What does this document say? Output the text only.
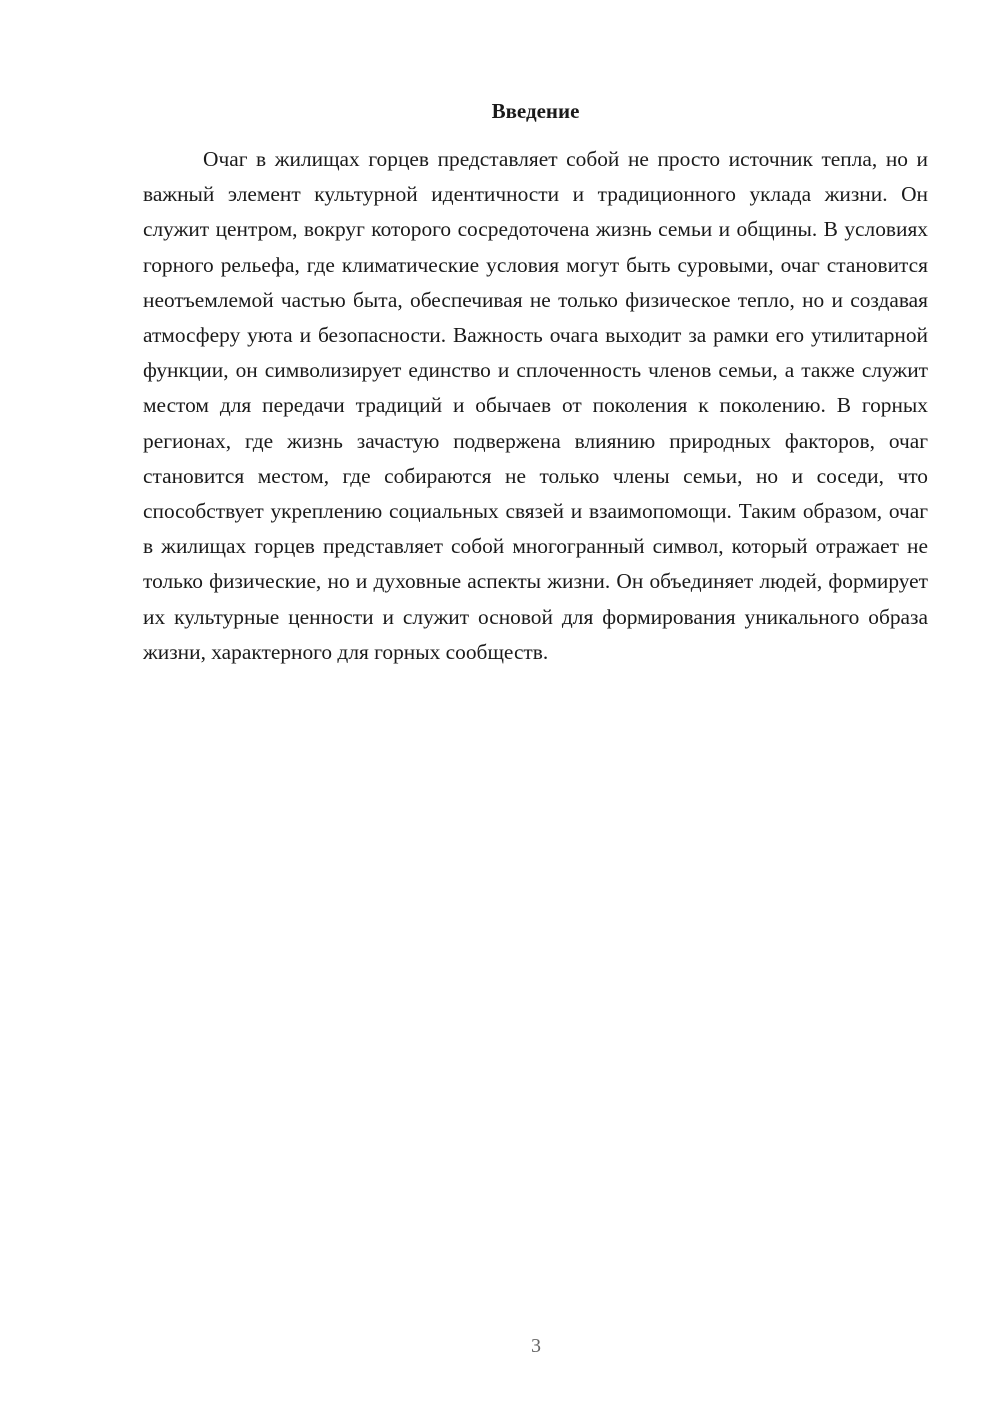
Введение

Очаг в жилищах горцев представляет собой не просто источник тепла, но и важный элемент культурной идентичности и традиционного уклада жизни. Он служит центром, вокруг которого сосредоточена жизнь семьи и общины. В условиях горного рельефа, где климатические условия могут быть суровыми, очаг становится неотъемлемой частью быта, обеспечивая не только физическое тепло, но и создавая атмосферу уюта и безопасности. Важность очага выходит за рамки его утилитарной функции, он символизирует единство и сплоченность членов семьи, а также служит местом для передачи традиций и обычаев от поколения к поколению. В горных регионах, где жизнь зачастую подвержена влиянию природных факторов, очаг становится местом, где собираются не только члены семьи, но и соседи, что способствует укреплению социальных связей и взаимопомощи. Таким образом, очаг в жилищах горцев представляет собой многогранный символ, который отражает не только физические, но и духовные аспекты жизни. Он объединяет людей, формирует их культурные ценности и служит основой для формирования уникального образа жизни, характерного для горных сообществ.

3
